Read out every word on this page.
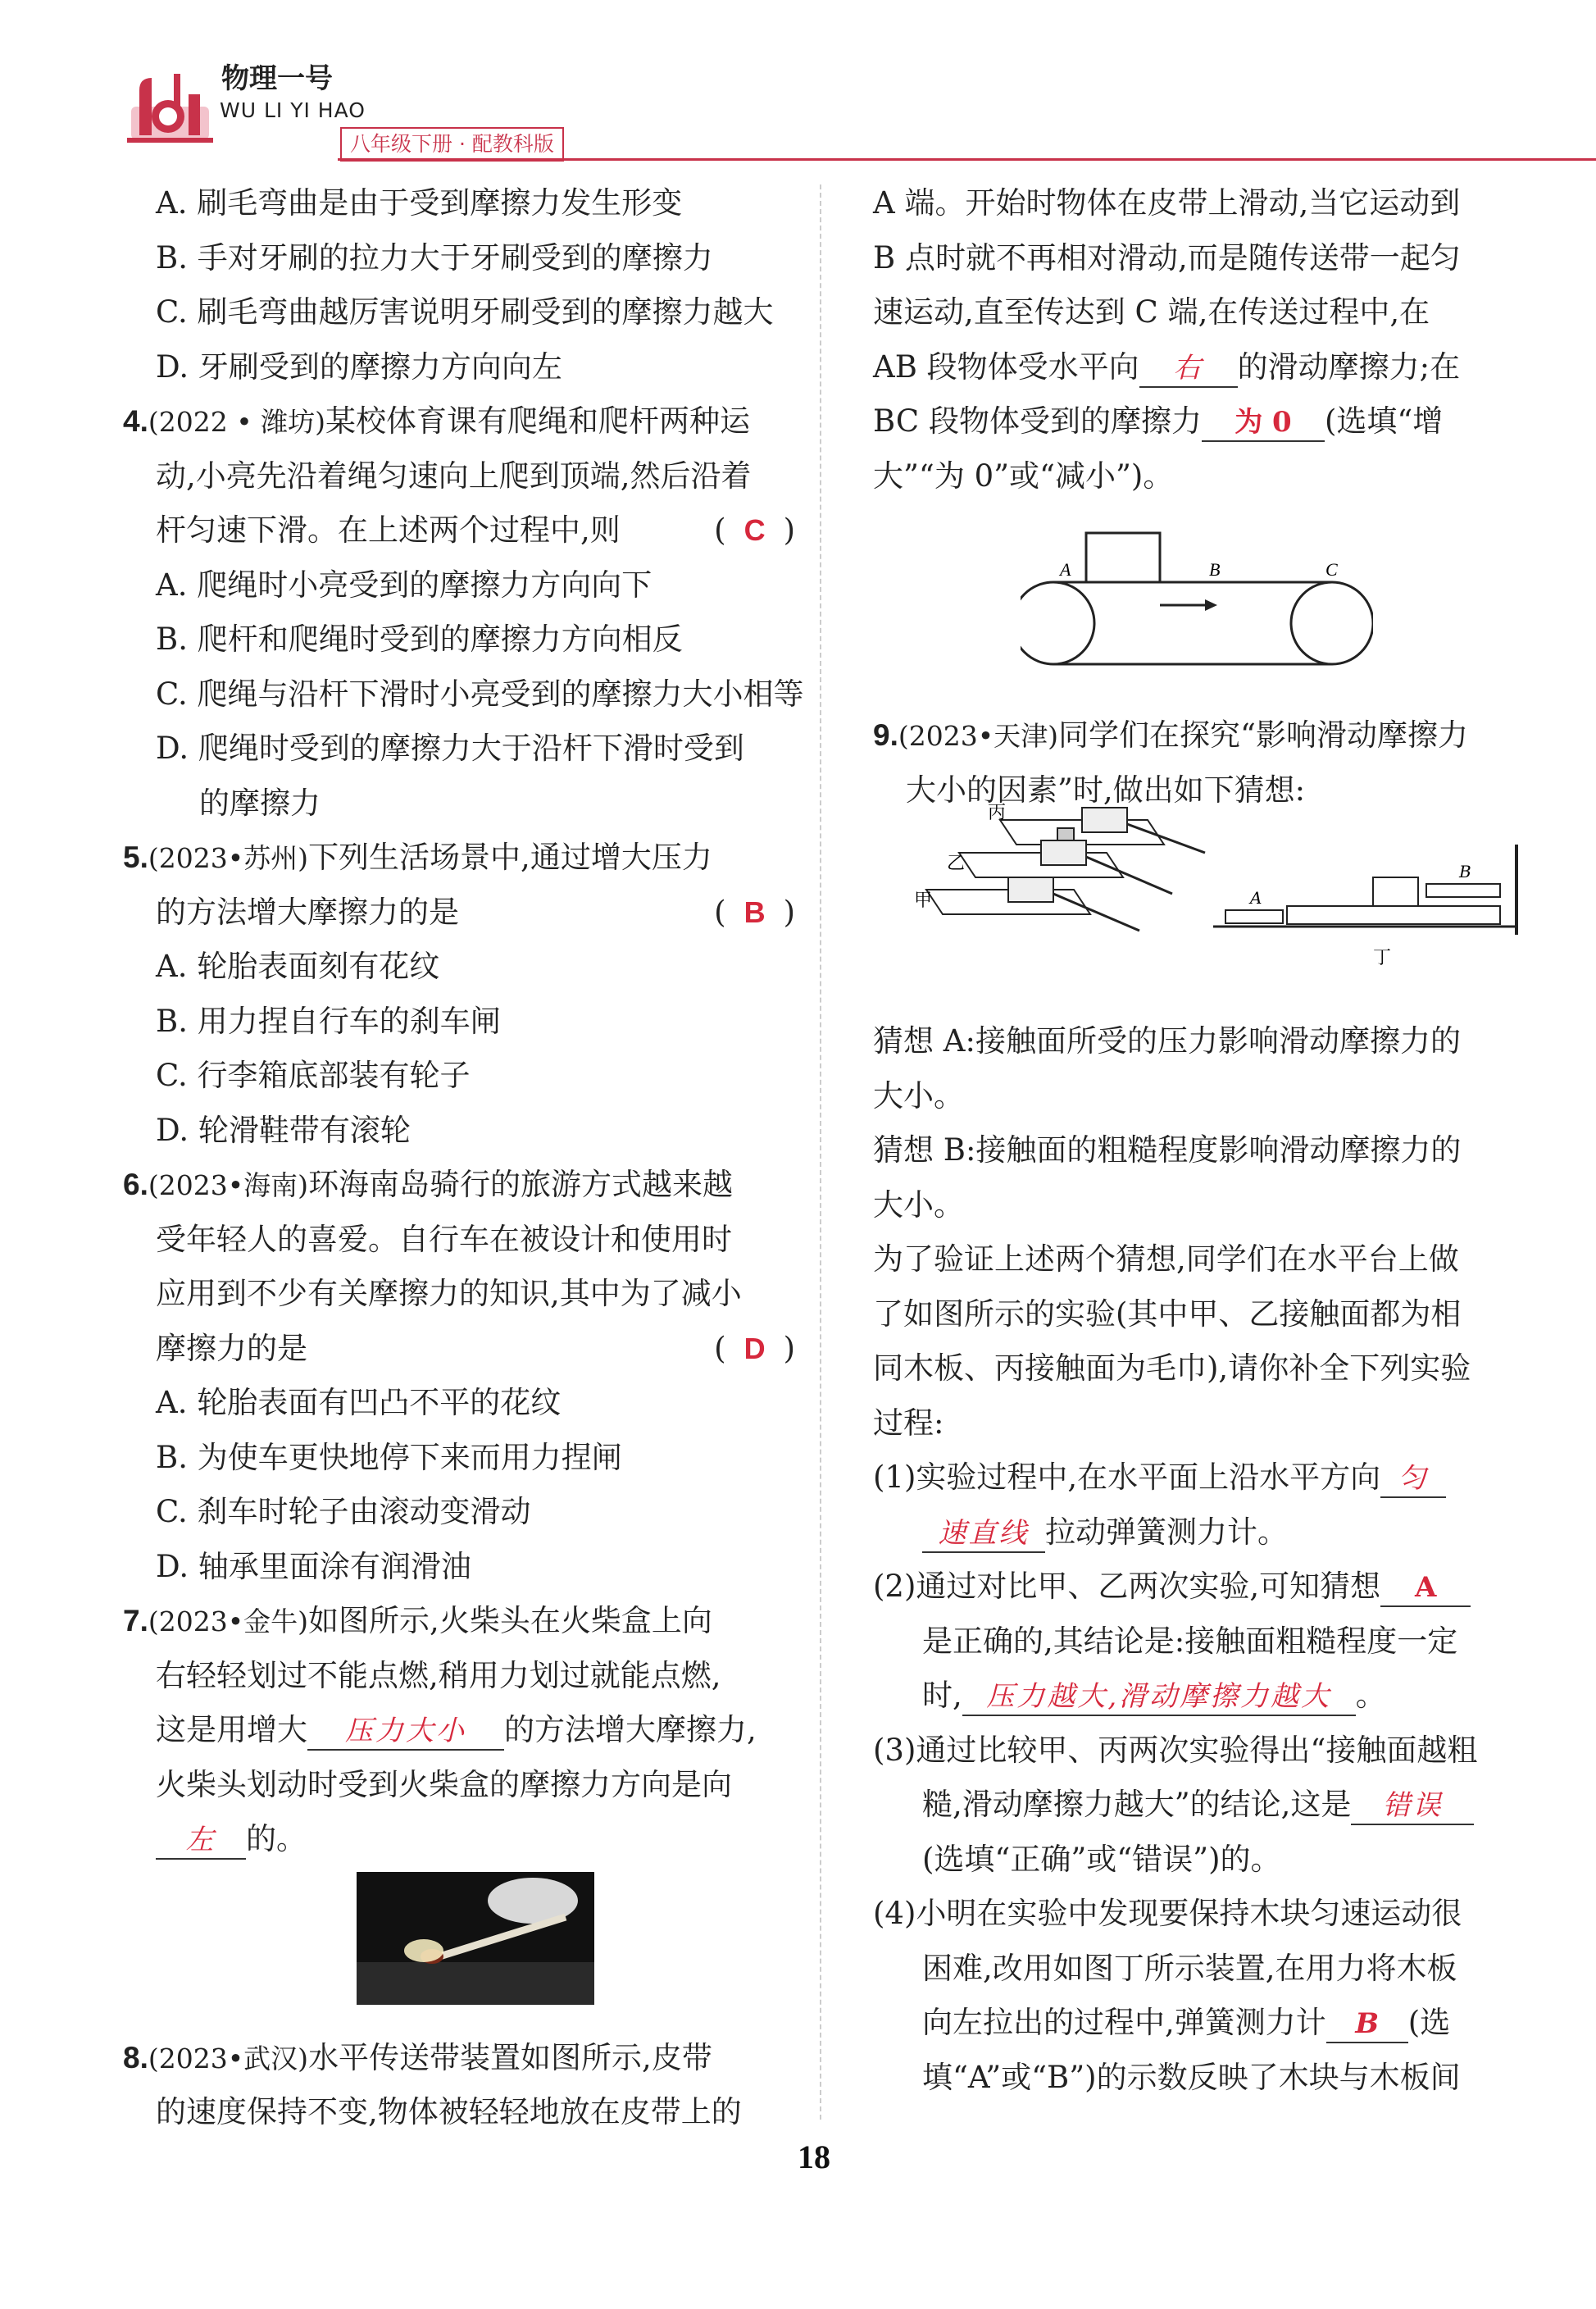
物理一号
WU LI YI HAO
八年级下册 · 配教科版
A. 刷毛弯曲是由于受到摩擦力发生形变
B. 手对牙刷的拉力大于牙刷受到的摩擦力
C. 刷毛弯曲越厉害说明牙刷受到的摩擦力越大
D. 牙刷受到的摩擦力方向向左
4.(2022 • 潍坊)某校体育课有爬绳和爬杆两种运
动,小亮先沿着绳匀速向上爬到顶端,然后沿着
杆匀速下滑。在上述两个过程中,则	( C )
A. 爬绳时小亮受到的摩擦力方向向下
B. 爬杆和爬绳时受到的摩擦力方向相反
C. 爬绳与沿杆下滑时小亮受到的摩擦力大小相等
D. 爬绳时受到的摩擦力大于沿杆下滑时受到
的摩擦力
5.(2023•苏州)下列生活场景中,通过增大压力
的方法增大摩擦力的是	( B )
A. 轮胎表面刻有花纹
B. 用力捏自行车的刹车闸
C. 行李箱底部装有轮子
D. 轮滑鞋带有滚轮
6.(2023•海南)环海南岛骑行的旅游方式越来越
受年轻人的喜爱。自行车在被设计和使用时
应用到不少有关摩擦力的知识,其中为了减小
摩擦力的是	( D )
A. 轮胎表面有凹凸不平的花纹
B. 为使车更快地停下来而用力捏闸
C. 刹车时轮子由滚动变滑动
D. 轴承里面涂有润滑油
7.(2023•金牛)如图所示,火柴头在火柴盒上向
右轻轻划过不能点燃,稍用力划过就能点燃,
这是用增大 压力大小 的方法增大摩擦力,
火柴头划动时受到火柴盒的摩擦力方向是向
左 的。
8.(2023•武汉)水平传送带装置如图所示,皮带
的速度保持不变,物体被轻轻地放在皮带上的
A 端。开始时物体在皮带上滑动,当它运动到
B 点时就不再相对滑动,而是随传送带一起匀
速运动,直至传达到 C 端,在传送过程中,在
AB 段物体受水平向 右 的滑动摩擦力;在
BC 段物体受到的摩擦力 为 0 (选填“增
大”“为 0”或“减小”)。
9.(2023•天津)同学们在探究“影响滑动摩擦力
大小的因素”时,做出如下猜想:
猜想 A:接触面所受的压力影响滑动摩擦力的
大小。
猜想 B:接触面的粗糙程度影响滑动摩擦力的
大小。
为了验证上述两个猜想,同学们在水平台上做
了如图所示的实验(其中甲、乙接触面都为相
同木板、丙接触面为毛巾),请你补全下列实验
过程:
(1)实验过程中,在水平面上沿水平方向 匀
速直线 拉动弹簧测力计。
(2)通过对比甲、乙两次实验,可知猜想 A
是正确的,其结论是:接触面粗糙程度一定
时, 压力越大,滑动摩擦力越大 。
(3)通过比较甲、丙两次实验得出“接触面越粗
糙,滑动摩擦力越大”的结论,这是 错误
(选填“正确”或“错误”)的。
(4)小明在实验中发现要保持木块匀速运动很
困难,改用如图丁所示装置,在用力将木板
向左拉出的过程中,弹簧测力计 B (选
填“A”或“B”)的示数反映了木块与木板间
A	B	C
丙
乙
甲	A
B
丁
18
